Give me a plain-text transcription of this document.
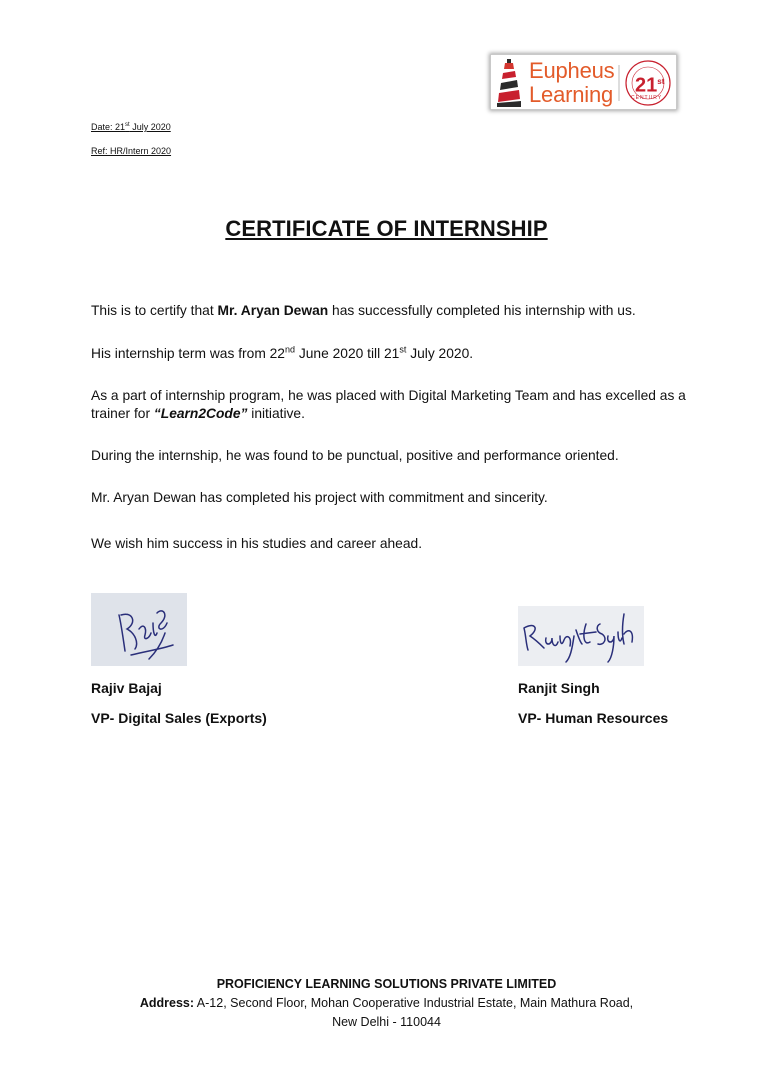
Eupheus
Learning 21st
CENTURY
Date: 21st July 2020
Ref: HR/Intern 2020
CERTIFICATE OF INTERNSHIP
This is to certify that Mr. Aryan Dewan has successfully completed his internship with us.
His internship term was from 22nd June 2020 till 21st July 2020.
As a part of internship program, he was placed with Digital Marketing Team and has excelled as a trainer for “Learn2Code” initiative.
During the internship, he was found to be punctual, positive and performance oriented.
Mr. Aryan Dewan has completed his project with commitment and sincerity.
We wish him success in his studies and career ahead.
Rajiv Bajaj
VP- Digital Sales (Exports)
Ranjit Singh
VP- Human Resources
PROFICIENCY LEARNING SOLUTIONS PRIVATE LIMITED
Address: A-12, Second Floor, Mohan Cooperative Industrial Estate, Main Mathura Road,
New Delhi - 110044
